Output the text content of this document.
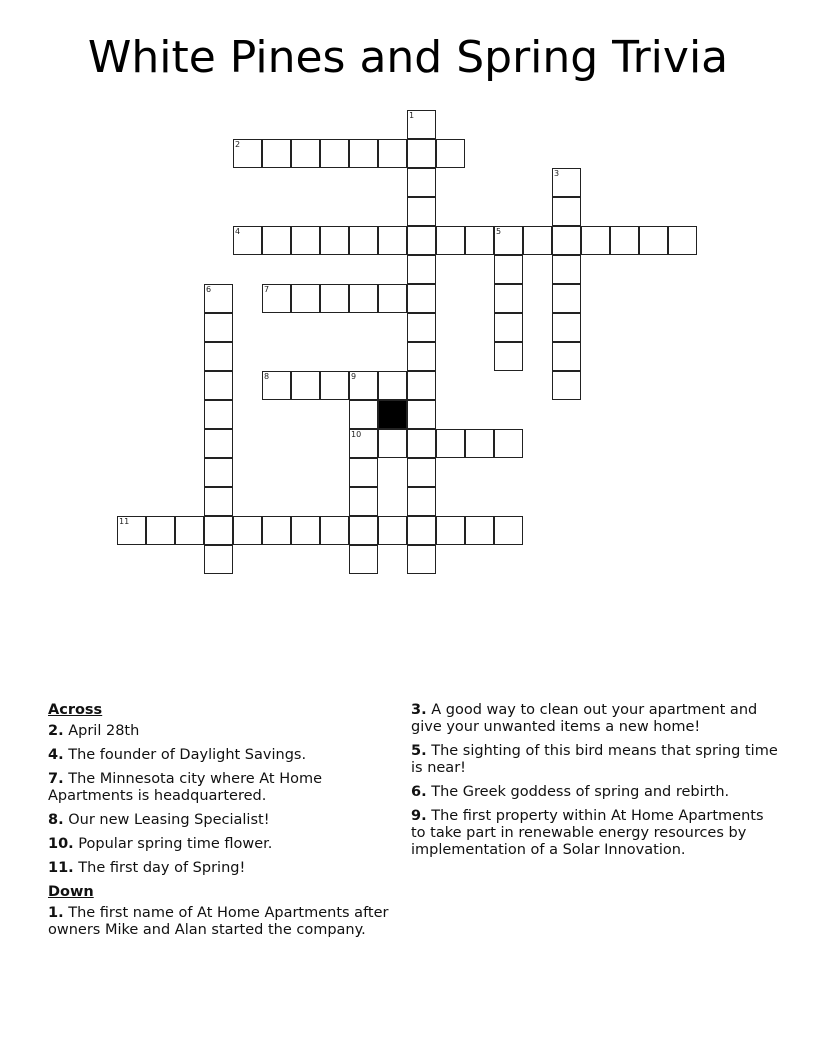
White Pines and Spring Trivia
1
2
3
4	5
6	7
8	9
10
11
Across
2. April 28th
4. The founder of Daylight Savings.
7. The Minnesota city where At Home Apartments is headquartered.
8. Our new Leasing Specialist!
10. Popular spring time flower.
11. The first day of Spring!
Down
1. The first name of At Home Apartments after owners Mike and Alan started the company.
3. A good way to clean out your apartment and give your unwanted items a new home!
5. The sighting of this bird means that spring time is near!
6. The Greek goddess of spring and rebirth.
9. The first property within At Home Apartments to take part in renewable energy resources by implementation of a Solar Innovation.
